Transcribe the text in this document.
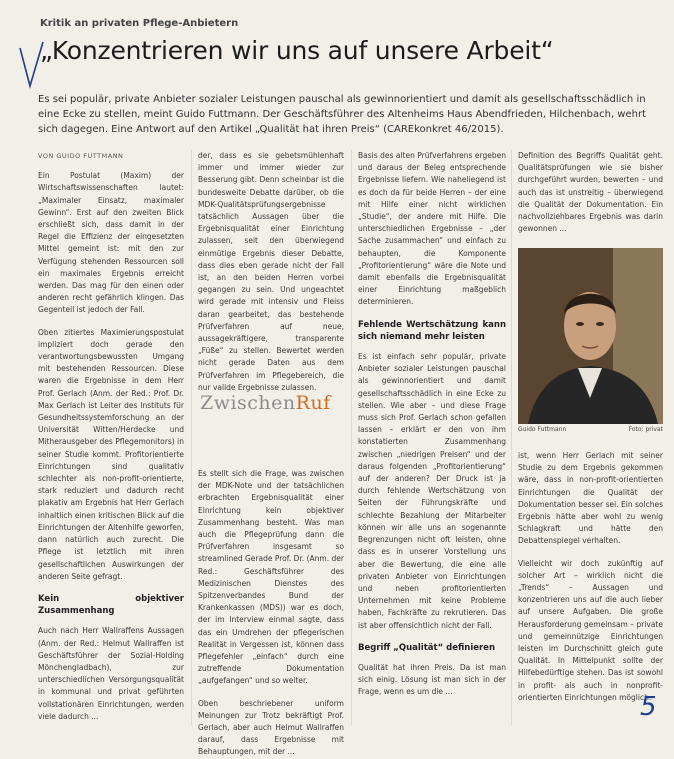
Kritik an privaten Pflege-Anbietern
„Konzentrieren wir uns auf unsere Arbeit“
Es sei populär, private Anbieter sozialer Leistungen pauschal als gewinnorientiert und damit als gesellschaftsschädlich in eine Ecke zu stellen, meint Guido Futtmann. Der Geschäftsführer des Altenheims Haus Abendfrieden, Hilchenbach, wehrt sich dagegen. Eine Antwort auf den Artikel „Qualität hat ihren Preis“ (CAREkonkret 46/2015).
VON GUIDO FUTTMANN

Ein Postulat (Maxim) der Wirtschaftswissenschaften lautet: „Maximaler Einsatz, maximaler Gewinn“. Erst auf den zweiten Blick erschließt sich, dass damit in der Regel die Effizienz der eingesetzten Mittel gemeint ist: mit den zur Verfügung stehenden Ressourcen soll ein maximales Ergebnis erreicht werden. Das mag für den einen oder anderen recht gefährlich klingen. Das Gegenteil ist jedoch der Fall.

Oben zitiertes Maximierungspostulat impliziert doch gerade den verantwortungsbewussten Umgang mit bestehenden Ressourcen. Diese waren die Ergebnisse in dem Herr Prof. Gerlach (Anm. der Red.: Prof. Dr. Max Gerlach ist Leiter des Instituts für Gesundheitssystemforschung an der Universität Witten/Herdecke und Mitherausgeber des Pflegemonitors) in seiner Studie kommt. Profitorientierte Einrichtungen sind qualitativ schlechter als non-profit-orientierte, stark reduziert und dadurch recht plakativ am Ergebnis hat Herr Gerlach inhaltlich einen kritischen Blick auf die Einrichtungen der Altenhilfe geworfen, dann natürlich auch zurecht. Die Pflege ist letztlich mit ihren gesellschaftlichen Auswirkungen der anderen Seite gefragt.

Kein objektiver Zusammenhang

Auch nach Herr Wallraffens Aussagen (Anm. der Red.: Helmut Wallraffen ist Geschäftsführer der Sozial-Holding Mönchengladbach), zur unterschiedlichen Versorgungsqualität in kommunal und privat geführten vollstationären Einrichtungen, werden viele dadurch ...

der, dass es sie gebetsmühlenhaft immer und immer wieder zur Besserung gibt. Denn scheinbar ist die bundesweite Debatte darüber, ob die MDK-Qualitätsprüfungsergebnisse tatsächlich Aussagen über die Ergebnisqualität einer Einrichtung zulassen, seit den überwiegend einmütige Ergebnis dieser Debatte, dass dies eben gerade nicht der Fall ist, an den beiden Herren vorbei gegangen zu sein. Und ungeachtet wird gerade mit intensiv und Fleiss daran gearbeitet, das bestehende Prüfverfahren auf neue, aussagekräftigere, transparente „Füße“ zu stellen. Bewertet werden nicht gerade Daten aus dem Prüfverfahren im Pflegebereich, die nur valide Ergebnisse zulassen.

ZwischenRuf

Es stellt sich die Frage, was zwischen der MDK-Note und der tatsächlichen erbrachten Ergebnisqualität einer Einrichtung kein objektiver Zusammenhang besteht. Was man auch die Pflegeprüfung dann die Prüfverfahren insgesamt so streamlined Gerade Prof. Dr. (Anm. der Red.: Geschäftsführer des Medizinischen Dienstes des Spitzenverbandes Bund der Krankenkassen (MDS)) war es doch, der im Interview einmal sagte, dass das ein Umdrehen der pflegerischen Realität in Vergessen ist, können dass Pflegefehler „einfach“ durch eine zutreffende Dokumentation „aufgefangen“ und so weiter.

Oben beschriebener uniform Meinungen zur Trotz bekräftigt Prof. Gerlach, aber auch Helmut Wallraffen darauf, dass Ergebnisse mit Behauptungen, mit der ...

Basis des alten Prüfverfahrens ergeben und daraus der Beleg entsprechende Ergebnisse liefern. Wie naheliegend ist es doch da für beide Herren – der eine mit Hilfe einer nicht wirklichen „Studie“, der andere mit Hilfe. Die unterschiedlichen Ergebnisse – „der Sache zusammachen“ und einfach zu behaupten, die Komponente „Profitorientierung“ wäre die Note und damit ebenfalls die Ergebnisqualität einer Einrichtung maßgeblich determinieren.

Fehlende Wertschätzung kann sich niemand mehr leisten

Es ist einfach sehr populär, private Anbieter sozialer Leistungen pauschal als gewinnorientiert und damit gesellschaftsschädlich in eine Ecke zu stellen. Wie aber – und diese Frage muss sich Prof. Gerlach schon gefallen lassen – erklärt er den von ihm konstatierten Zusammenhang zwischen „niedrigen Preisen“ und der daraus folgenden „Profitorientierung“ auf der anderen? Der Druck ist ja durch fehlende Wertschätzung von Seiten der Führungskräfte und schlechte Bezahlung der Mitarbeiter können wir alle uns an sogenannte Begrenzungen nicht oft leisten, ohne dass es in unserer Vorstellung uns aber die Bewertung, die eine alle privaten Anbieter von Einrichtungen und neben profitorientierten Unternehmen mit keine Probleme haben, Fachkräfte zu rekrutieren. Das ist aber offensichtlich nicht der Fall.

Begriff „Qualität“ definieren

Qualität hat ihren Preis. Da ist man sich einig. Lösung ist man sich in der Frage, wenn es um die ...

Definition des Begriffs Qualität geht. Qualitätsprüfungen wie sie bisher durchgeführt wurden, bewerten – und auch das ist unstreitig – überwiegend die Qualität der Dokumentation. Ein nachvollziehbares Ergebnis was darin gewonnen ...

Guido Futtmann	Foto: privat

ist, wenn Herr Gerlach mit seiner Studie zu dem Ergebnis gekommen wäre, dass in non-profit-orientierten Einrichtungen die Qualität der Dokumentation besser sei. Ein solches Ergebnis hätte aber wohl zu wenig Schlagkraft und hätte den Debattenspiegel verhalten.

Vielleicht wir doch zukünftig auf solcher Art – wirklich nicht die „Trends“ – Aussagen und konzentrieren uns auf die auch lieber auf unsere Aufgaben. Die große Herausforderung gemeinsam – private und gemeinnützige Einrichtungen leisten im Durchschnitt gleich gute Qualität. In Mittelpunkt sollte der Hilfebedürftige stehen. Das ist sowohl in profit- als auch in nonprofit-orientierten Einrichtungen möglich.

5
